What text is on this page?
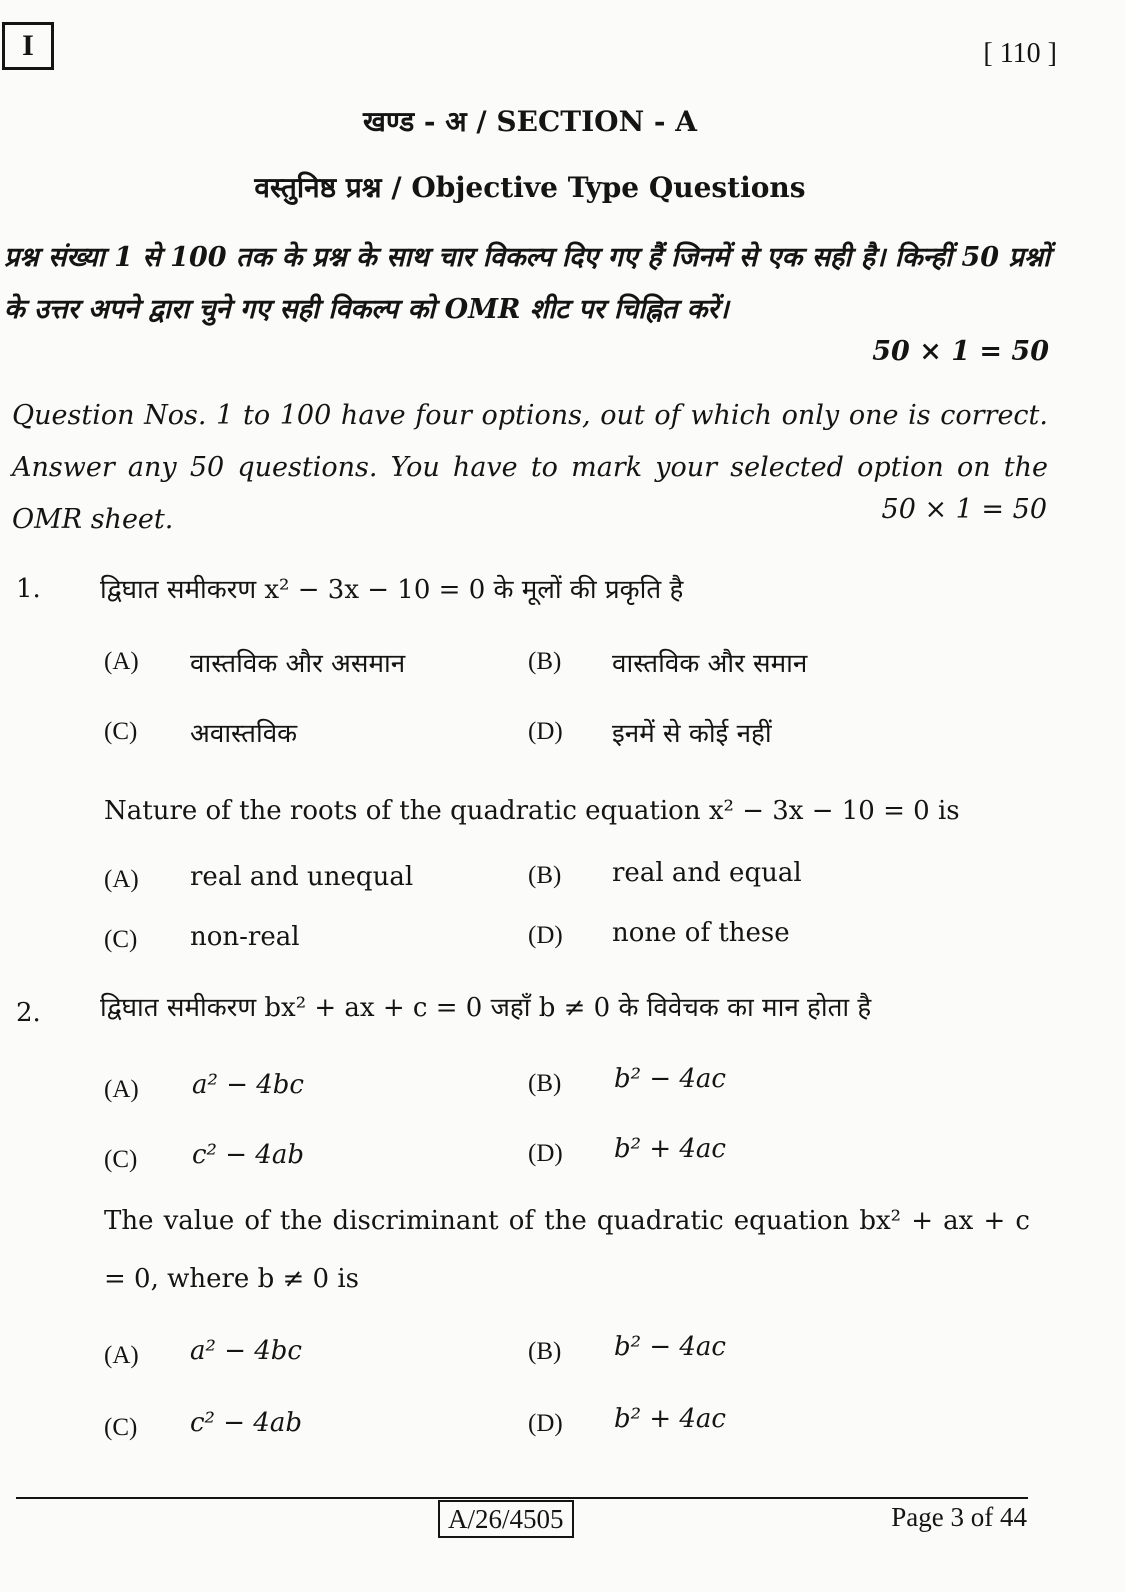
I	[ 110 ]
खण्ड - अ / SECTION - A
वस्तुनिष्ठ प्रश्न / Objective Type Questions
प्रश्न संख्या 1 से 100 तक के प्रश्न के साथ चार विकल्प दिए गए हैं जिनमें से एक सही है। किन्हीं 50 प्रश्नों के उत्तर अपने द्वारा चुने गए सही विकल्प को OMR शीट पर चिह्नित करें।
50 × 1 = 50
Question Nos. 1 to 100 have four options, out of which only one is correct. Answer any 50 questions. You have to mark your selected option on the OMR sheet.	50 × 1 = 50
1. द्विघात समीकरण x² − 3x − 10 = 0 के मूलों की प्रकृति है
(A) वास्तविक और असमान	(B) वास्तविक और समान
(C) अवास्तविक	(D) इनमें से कोई नहीं
Nature of the roots of the quadratic equation x² − 3x − 10 = 0 is
(A) real and unequal	(B) real and equal
(C) non-real	(D) none of these
2. द्विघात समीकरण bx² + ax + c = 0 जहाँ b ≠ 0 के विवेचक का मान होता है
(A) a² − 4bc	(B) b² − 4ac
(C) c² − 4ab	(D) b² + 4ac
The value of the discriminant of the quadratic equation bx² + ax + c = 0, where b ≠ 0 is
(A) a² − 4bc	(B) b² − 4ac
(C) c² − 4ab	(D) b² + 4ac
A/26/4505	Page 3 of 44
